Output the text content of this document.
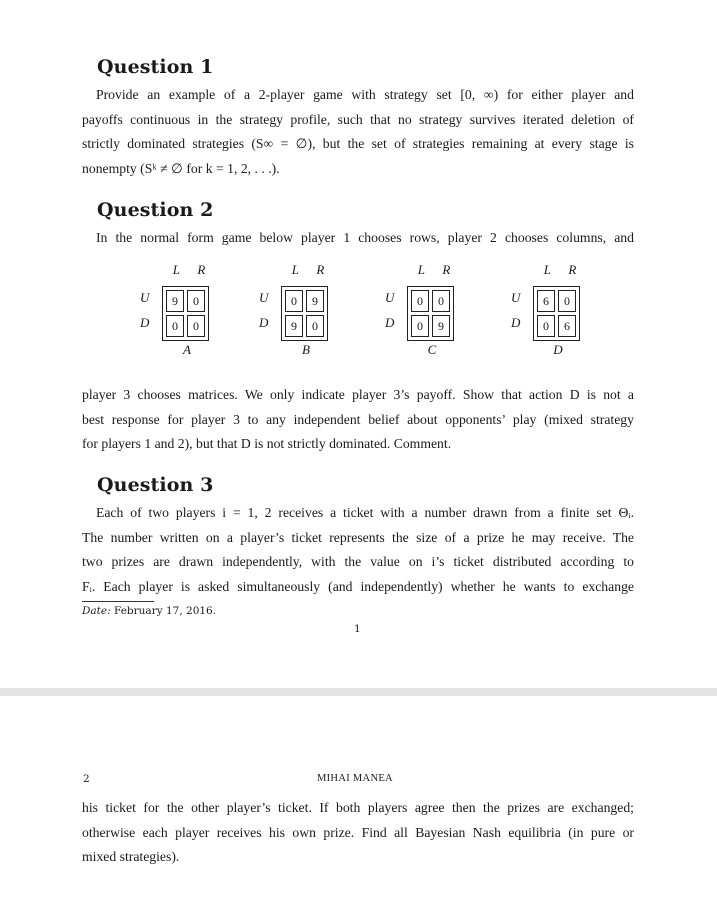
Question 1
Provide an example of a 2-player game with strategy set [0, ∞) for either player and
payoffs continuous in the strategy profile, such that no strategy survives iterated deletion of
strictly dominated strategies (S∞ = ∅), but the set of strategies remaining at every stage is
nonempty (Sᵏ ≠ ∅ for k = 1, 2, . . .).
Question 2
In the normal form game below player 1 chooses rows, player 2 chooses columns, and
L R
U
D
9	0
0	0
A
L R
U
D
0	9
9	0
B
L R
U
D
0	0
0	9
C
L R
U
D
6	0
0	6
D
player 3 chooses matrices. We only indicate player 3’s payoff. Show that action D is not a
best response for player 3 to any independent belief about opponents’ play (mixed strategy
for players 1 and 2), but that D is not strictly dominated. Comment.
Question 3
Each of two players i = 1, 2 receives a ticket with a number drawn from a finite set Θᵢ.
The number written on a player’s ticket represents the size of a prize he may receive. The
two prizes are drawn independently, with the value on i’s ticket distributed according to
Fᵢ. Each player is asked simultaneously (and independently) whether he wants to exchange
Date: February 17, 2016.
1
2	MIHAI MANEA
his ticket for the other player’s ticket. If both players agree then the prizes are exchanged;
otherwise each player receives his own prize. Find all Bayesian Nash equilibria (in pure or
mixed strategies).
